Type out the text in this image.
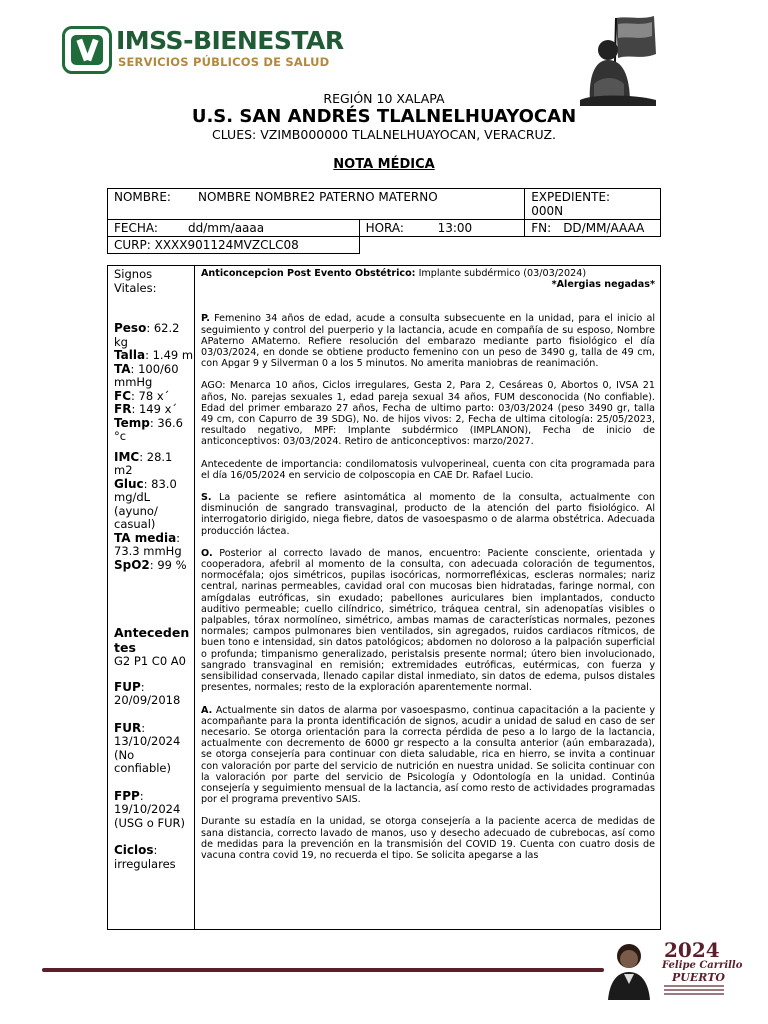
IMSS-BIENESTAR
SERVICIOS PÚBLICOS DE SALUD
REGIÓN 10 XALAPA
U.S. SAN ANDRÉS TLALNELHUAYOCAN
CLUES: VZIMB000000 TLALNELHUAYOCAN, VERACRUZ.
NOTA MÉDICA
NOMBRE: NOMBRE NOMBRE2 PATERNO MATERNO		EXPEDIENTE:
000N

FECHA: dd/mm/aaaa	HORA: 13:00	FN: DD/MM/AAAA
CURP: XXXX901124MVZCLC08		
Signos Vitales:
Peso: 62.2 kg
Talla: 1.49 m
TA: 100/60 mmHg
FC: 78 x´
FR: 149 x´
Temp: 36.6 °c
IMC: 28.1 m2
Gluc: 83.0 mg/dL (ayuno/ casual)
TA media: 73.3 mmHg
SpO2: 99 %
Anteceden tes
G2 P1 C0 A0
FUP: 20/09/2018
FUR: 13/10/2024 (No confiable)
FPP: 19/10/2024 (USG o FUR)
Ciclos: irregulares
Anticoncepcion Post Evento Obstétrico: Implante subdérmico (03/03/2024)
*Alergias negadas*

P. Femenino 34 años de edad, acude a consulta subsecuente en la unidad, para el inicio al seguimiento y control del puerperio y la lactancia, acude en compañía de su esposo, Nombre APaterno AMaterno. Refiere resolución del embarazo mediante parto fisiológico el día 03/03/2024, en donde se obtiene producto femenino con un peso de 3490 g, talla de 49 cm, con Apgar 9 y Silverman 0 a los 5 minutos. No amerita maniobras de reanimación.

AGO: Menarca 10 años, Ciclos irregulares, Gesta 2, Para 2, Cesáreas 0, Abortos 0, IVSA 21 años, No. parejas sexuales 1, edad pareja sexual 34 años, FUM desconocida (No confiable). Edad del primer embarazo 27 años, Fecha de ultimo parto: 03/03/2024 (peso 3490 gr, talla 49 cm, con Capurro de 39 SDG), No. de hijos vivos: 2, Fecha de ultima citología: 25/05/2023, resultado negativo, MPF: Implante subdérmico (IMPLANON), Fecha de inicio de anticonceptivos: 03/03/2024. Retiro de anticonceptivos: marzo/2027.

Antecedente de importancia: condilomatosis vulvoperineal, cuenta con cita programada para el día 16/05/2024 en servicio de colposcopia en CAE Dr. Rafael Lucio.

S. La paciente se refiere asintomática al momento de la consulta, actualmente con disminución de sangrado transvaginal, producto de la atención del parto fisiológico. Al interrogatorio dirigido, niega fiebre, datos de vasoespasmo o de alarma obstétrica. Adecuada producción láctea.

O. Posterior al correcto lavado de manos, encuentro: Paciente consciente, orientada y cooperadora, afebril al momento de la consulta, con adecuada coloración de tegumentos, normocéfala; ojos simétricos, pupilas isocóricas, normorrefléxicas, escleras normales; nariz central, narinas permeables, cavidad oral con mucosas bien hidratadas, faringe normal, con amígdalas eutróficas, sin exudado; pabellones auriculares bien implantados, conducto auditivo permeable; cuello cilíndrico, simétrico, tráquea central, sin adenopatías visibles o palpables, tórax normolíneo, simétrico, ambas mamas de características normales, pezones normales; campos pulmonares bien ventilados, sin agregados, ruidos cardiacos rítmicos, de buen tono e intensidad, sin datos patológicos; abdomen no doloroso a la palpación superficial o profunda; timpanismo generalizado, peristalsis presente normal; útero bien involucionado, sangrado transvaginal en remisión; extremidades eutróficas, eutérmicas, con fuerza y sensibilidad conservada, llenado capilar distal inmediato, sin datos de edema, pulsos distales presentes, normales; resto de la exploración aparentemente normal.

A. Actualmente sin datos de alarma por vasoespasmo, continua capacitación a la paciente y acompañante para la pronta identificación de signos, acudir a unidad de salud en caso de ser necesario. Se otorga orientación para la correcta pérdida de peso a lo largo de la lactancia, actualmente con decremento de 6000 gr respecto a la consulta anterior (aún embarazada), se otorga consejería para continuar con dieta saludable, rica en hierro, se invita a continuar con valoración por parte del servicio de nutrición en nuestra unidad. Se solicita continuar con la valoración por parte del servicio de Psicología y Odontología en la unidad. Continúa consejería y seguimiento mensual de la lactancia, así como resto de actividades programadas por el programa preventivo SAIS.

Durante su estadía en la unidad, se otorga consejería a la paciente acerca de medidas de sana distancia, correcto lavado de manos, uso y desecho adecuado de cubrebocas, así como de medidas para la prevención en la transmisión del COVID 19. Cuenta con cuatro dosis de vacuna contra covid 19, no recuerda el tipo. Se solicita apegarse a las

2024
Felipe Carrillo
PUERTO
